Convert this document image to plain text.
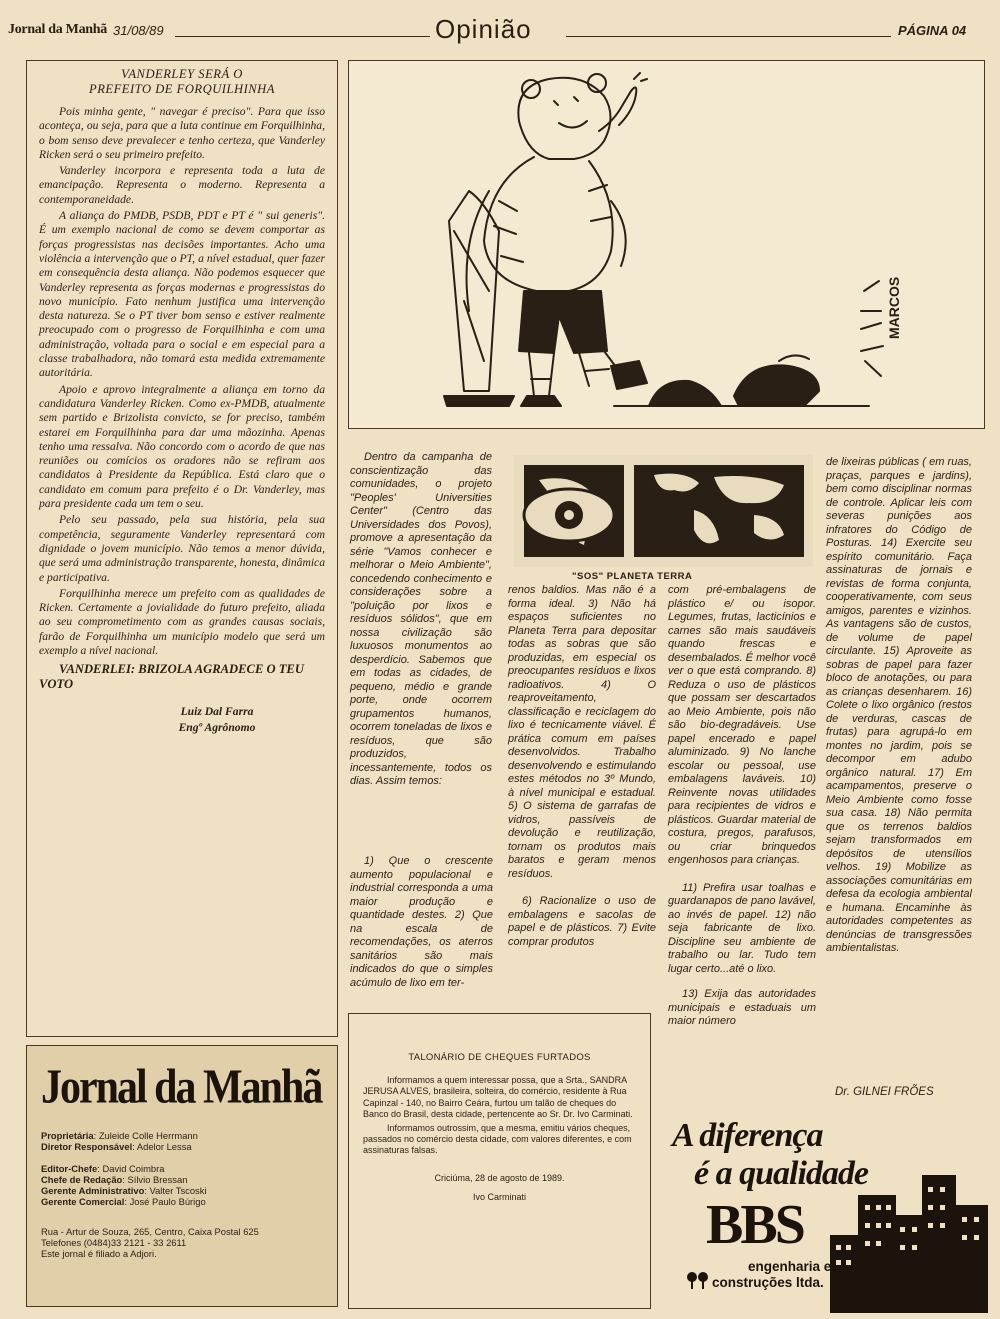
Jornal da Manhã 31/08/89	Opinião	PÁGINA 04
VANDERLEY SERÁ O
PREFEITO DE FORQUILHINHA

Pois minha gente, " navegar é preciso". Para que isso aconteça, ou seja, para que a luta continue em Forquilhinha, o bom senso deve prevalecer e tenho certeza, que Vanderley Ricken será o seu primeiro prefeito.

Vanderley incorpora e representa toda a luta de emancipação. Representa o moderno. Representa a contemporaneidade.

A aliança do PMDB, PSDB, PDT e PT é " sui generis". É um exemplo nacional de como se devem comportar as forças progressistas nas decisões importantes. Acho uma violência a intervenção que o PT, a nível estadual, quer fazer em consequência desta aliança. Não podemos esquecer que Vanderley representa as forças modernas e progressistas do novo município. Fato nenhum justifica uma intervenção desta natureza. Se o PT tiver bom senso e estiver realmente preocupado com o progresso de Forquilhinha e com uma administração, voltada para o social e em especial para a classe trabalhadora, não tomará esta medida extremamente autoritária.

Apoio e aprovo integralmente a aliança em torno da candidatura Vanderley Ricken. Como ex-PMDB, atualmente sem partido e Brizolista convicto, se for preciso, também estarei em Forquilhinha para dar uma mãozinha. Apenas tenho uma ressalva. Não concordo com o acordo de que nas reuniões ou comícios os oradores não se refiram aos candidatos à Presidente da República. Está claro que o candidato em comum para prefeito é o Dr. Vanderley, mas para presidente cada um tem o seu.

Pelo seu passado, pela sua história, pela sua competência, seguramente Vanderley representará com dignidade o jovem município. Não temos a menor dúvida, que será uma administração transparente, honesta, dinâmica e participativa.

Forquilhinha merece um prefeito com as qualidades de Ricken. Certamente a jovialidade do futuro prefeito, aliada ao seu comprometimento com as grandes causas sociais, farão de Forquilhinha um município modelo que será um exemplo a nível nacional.

VANDERLEI: BRIZOLA AGRADECE O TEU VOTO
Luiz Dal Farra
Engº Agrônomo
MARCOS

Dentro da campanha de conscientização das comunidades, o projeto "Peoples' Universities Center" (Centro das Universidades dos Povos), promove a apresentação da série "Vamos conhecer e melhorar o Meio Ambiente", concedendo conhecimento e considerações sobre a "poluição por lixos e resíduos sólidos", que em nossa civilização são luxuosos monumentos ao desperdício. Sabemos que em todas as cidades, de pequeno, médio e grande porte, onde ocorrem grupamentos humanos, ocorrem toneladas de lixos e resíduos, que são produzidos, incessantemente, todos os dias. Assim temos:

1) Que o crescente aumento populacional e industrial corresponda a uma maior produção e quantidade destes. 2) Que na escala de recomendações, os aterros sanitários são mais indicados do que o simples acúmulo de lixo em ter-

"SOS" PLANETA TERRA

renos baldios. Mas não é a forma ideal. 3) Não há espaços suficientes no Planeta Terra para depositar todas as sobras que são produzidas, em especial os preocupantes resíduos e lixos radioativos. 4) O reaproveitamento, classificação e reciclagem do lixo é tecnicamente viável. É prática comum em países desenvolvidos. Trabalho desenvolvendo e estimulando estes métodos no 3º Mundo, à nível municipal e estadual. 5) O sistema de garrafas de vidros, passíveis de devolução e reutilização, tornam os produtos mais baratos e geram menos resíduos.

6) Racionalize o uso de embalagens e sacolas de papel e de plásticos. 7) Evite comprar produtos

com pré-embalagens de plástico e/ ou isopor. Legumes, frutas, lacticínios e carnes são mais saudáveis quando frescas e desembalados. É melhor você ver o que está comprando. 8) Reduza o uso de plásticos que possam ser descartados ao Meio Ambiente, pois não são bio-degradáveis. Use papel encerado e papel aluminizado. 9) No lanche escolar ou pessoal, use embalagens laváveis. 10) Reinvente novas utilidades para recipientes de vidros e plásticos. Guardar material de costura, pregos, parafusos, ou criar brinquedos engenhosos para crianças.

11) Prefira usar toalhas e guardanapos de pano lavável, ao invés de papel. 12) não seja fabricante de lixo. Discipline seu ambiente de trabalho ou lar. Tudo tem lugar certo...até o lixo.

13) Exija das autoridades municipais e estaduais um maior número

de lixeiras públicas ( em ruas, praças, parques e jardins), bem como disciplinar normas de controle. Aplicar leis com severas punições aos infratores do Código de Posturas. 14) Exercite seu espírito comunitário. Faça assinaturas de jornais e revistas de forma conjunta, cooperativamente, com seus amigos, parentes e vizinhos. As vantagens são de custos, de volume de papel circulante. 15) Aproveite as sobras de papel para fazer bloco de anotações, ou para as crianças desenharem. 16) Colete o lixo orgânico (restos de verduras, cascas de frutas) para agrupá-lo em montes no jardim, pois se decompor em adubo orgânico natural. 17) Em acampamentos, preserve o Meio Ambiente como fosse sua casa. 18) Não permita que os terrenos baldios sejam transformados em depósitos de utensílios velhos. 19) Mobilize as associações comunitárias em defesa da ecologia ambiental e humana. Encaminhe às autoridades competentes as denúncias de transgressões ambientalistas.

Dr. GILNEI FRÕES
Jornal da Manhã
Proprietária: Zuleide Colle Herrmann
Diretor Responsável: Adelor Lessa
Editor-Chefe: David Coimbra
Chefe de Redação: Sílvio Bressan
Gerente Administrativo: Valter Tscoski
Gerente Comercial: José Paulo Búrigo
Rua - Artur de Souza, 265, Centro, Caixa Postal 625
Telefones (0484)33 2121 - 33 2611
Este jornal é filiado a Adjori.
TALONÁRIO DE CHEQUES FURTADOS

Informamos a quem interessar possa, que a Srta., SANDRA JERUSA ALVES, brasileira, solteira, do comércio, residente à Rua Capinzal - 140, no Bairro Ceára, furtou um talão de cheques do Banco do Brasil, desta cidade, pertencente ao Sr. Dr. Ivo Carminati.

Informamos outrossim, que a mesma, emitiu vários cheques, passados no comércio desta cidade, com valores diferentes, e com assinaturas falsas.

Criciúma, 28 de agosto de 1989.

Ivo Carminati

A diferença
é a qualidade
BBS
engenharia e
construções ltda.
